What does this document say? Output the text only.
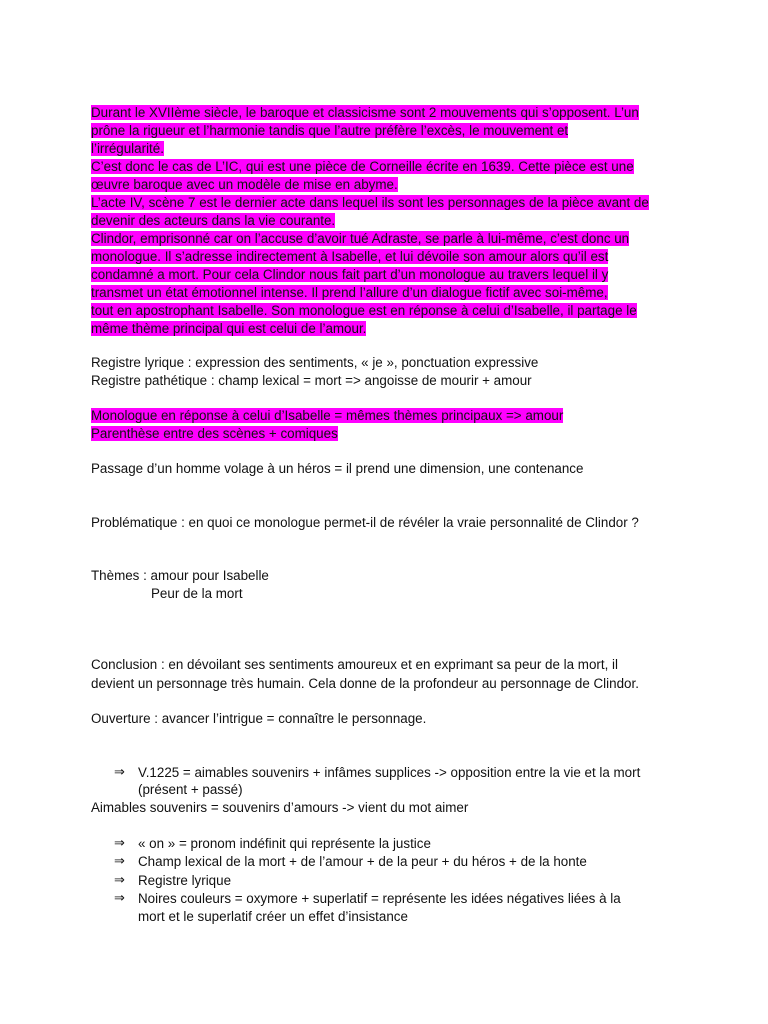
Durant le XVIIème siècle, le baroque et classicisme sont 2 mouvements qui s’opposent. L’un
prône la rigueur et l’harmonie tandis que l’autre préfère l’excès, le mouvement et
l’irrégularité.
C’est donc le cas de L’IC, qui est une pièce de Corneille écrite en 1639. Cette pièce est une
œuvre baroque avec un modèle de mise en abyme.
L’acte IV, scène 7 est le dernier acte dans lequel ils sont les personnages de la pièce avant de
devenir des acteurs dans la vie courante.
Clindor, emprisonné car on l’accuse d’avoir tué Adraste, se parle à lui-même, c’est donc un
monologue. Il s’adresse indirectement à Isabelle, et lui dévoile son amour alors qu’il est
condamné a mort. Pour cela Clindor nous fait part d’un monologue au travers lequel il y
transmet un état émotionnel intense. Il prend l’allure d’un dialogue fictif avec soi-même,
tout en apostrophant Isabelle. Son monologue est en réponse à celui d’Isabelle, il partage le
même thème principal qui est celui de l’amour.
Registre lyrique : expression des sentiments, « je », ponctuation expressive
Registre pathétique : champ lexical = mort => angoisse de mourir + amour
Monologue en réponse à celui d’Isabelle = mêmes thèmes principaux => amour
Parenthèse entre des scènes + comiques
Passage d’un homme volage à un héros = il prend une dimension, une contenance
Problématique : en quoi ce monologue permet-il de révéler la vraie personnalité de Clindor ?
Thèmes : amour pour Isabelle
Peur de la mort
Conclusion : en dévoilant ses sentiments amoureux et en exprimant sa peur de la mort, il
devient un personnage très humain. Cela donne de la profondeur au personnage de Clindor.
Ouverture : avancer l’intrigue = connaître le personnage.
⇒ V.1225 = aimables souvenirs + infâmes supplices -> opposition entre la vie et la mort
(présent + passé)
Aimables souvenirs = souvenirs d’amours -> vient du mot aimer
⇒ « on » = pronom indéfinit qui représente la justice
⇒ Champ lexical de la mort + de l’amour + de la peur + du héros + de la honte
⇒ Registre lyrique
⇒ Noires couleurs = oxymore + superlatif = représente les idées négatives liées à la
mort et le superlatif créer un effet d’insistance
